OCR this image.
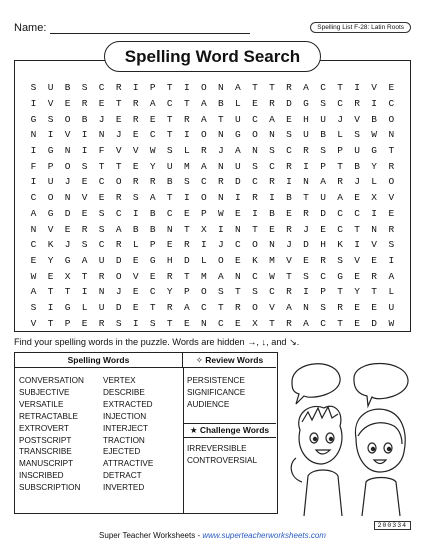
Name:	Spelling List F-28: Latin Roots
Spelling Word Search
S	U	B	S	C	R	I	P	T	I	O	N	A	T	T	R	A	C	T	I	V	E
I	V	E	R	E	T	R	A	C	T	A	B	L	E	R	D	G	S	C	R	I	C
G	S	O	B	J	E	R	E	T	R	A	T	U	C	A	E	H	U	J	V	B	O
N	I	V	I	N	J	E	C	T	I	O	N	G	O	N	S	U	B	L	S	W	N
I	G	N	I	F	V	V	W	S	L	R	J	A	N	S	C	R	S	P	U	G	T
F	P	O	S	T	T	E	Y	U	M	A	N	U	S	C	R	I	P	T	B	Y	R
I	U	J	E	C	O	R	R	B	S	C	R	D	C	R	I	N	A	R	J	L	O
C	O	N	V	E	R	S	A	T	I	O	N	I	R	I	B	T	U	A	E	X	V
A	G	D	E	S	C	I	B	C	E	P	W	E	I	B	E	R	D	C	C	I	E
N	V	E	R	S	A	B	B	N	T	X	I	N	T	E	R	J	E	C	T	N	R
C	K	J	S	C	R	L	P	E	R	I	J	C	O	N	J	D	H	K	I	V	S
E	Y	G	A	U	D	E	G	H	D	L	O	E	K	M	V	E	R	S	V	E	I
W	E	X	T	R	O	V	E	R	T	M	A	N	C	W	T	S	C	G	E	R	A
A	T	T	I	N	J	E	C	Y	P	O	S	T	S	C	R	I	P	T	Y	T	L
S	I	G	L	U	D	E	T	R	A	C	T	R	O	V	A	N	S	R	E	E	U
V	T	P	E	R	S	I	S	T	E	N	C	E	X	T	R	A	C	T	E	D	W
Find your spelling words in the puzzle. Words are hidden →, ↓, and ↘.
Spelling Words	✧ Review Words
CONVERSATION
SUBJECTIVE
VERSATILE
RETRACTABLE
EXTROVERT
POSTSCRIPT
TRANSCRIBE
MANUSCRIPT
INSCRIBED
SUBSCRIPTION
VERTEX
DESCRIBE
EXTRACTED
INJECTION
INTERJECT
TRACTION
EJECTED
ATTRACTIVE
DETRACT
INVERTED
PERSISTENCE
SIGNIFICANCE
AUDIENCE
★ Challenge Words
IRREVERSIBLE
CONTROVERSIAL
200334
Super Teacher Worksheets - www.superteacherworksheets.com
